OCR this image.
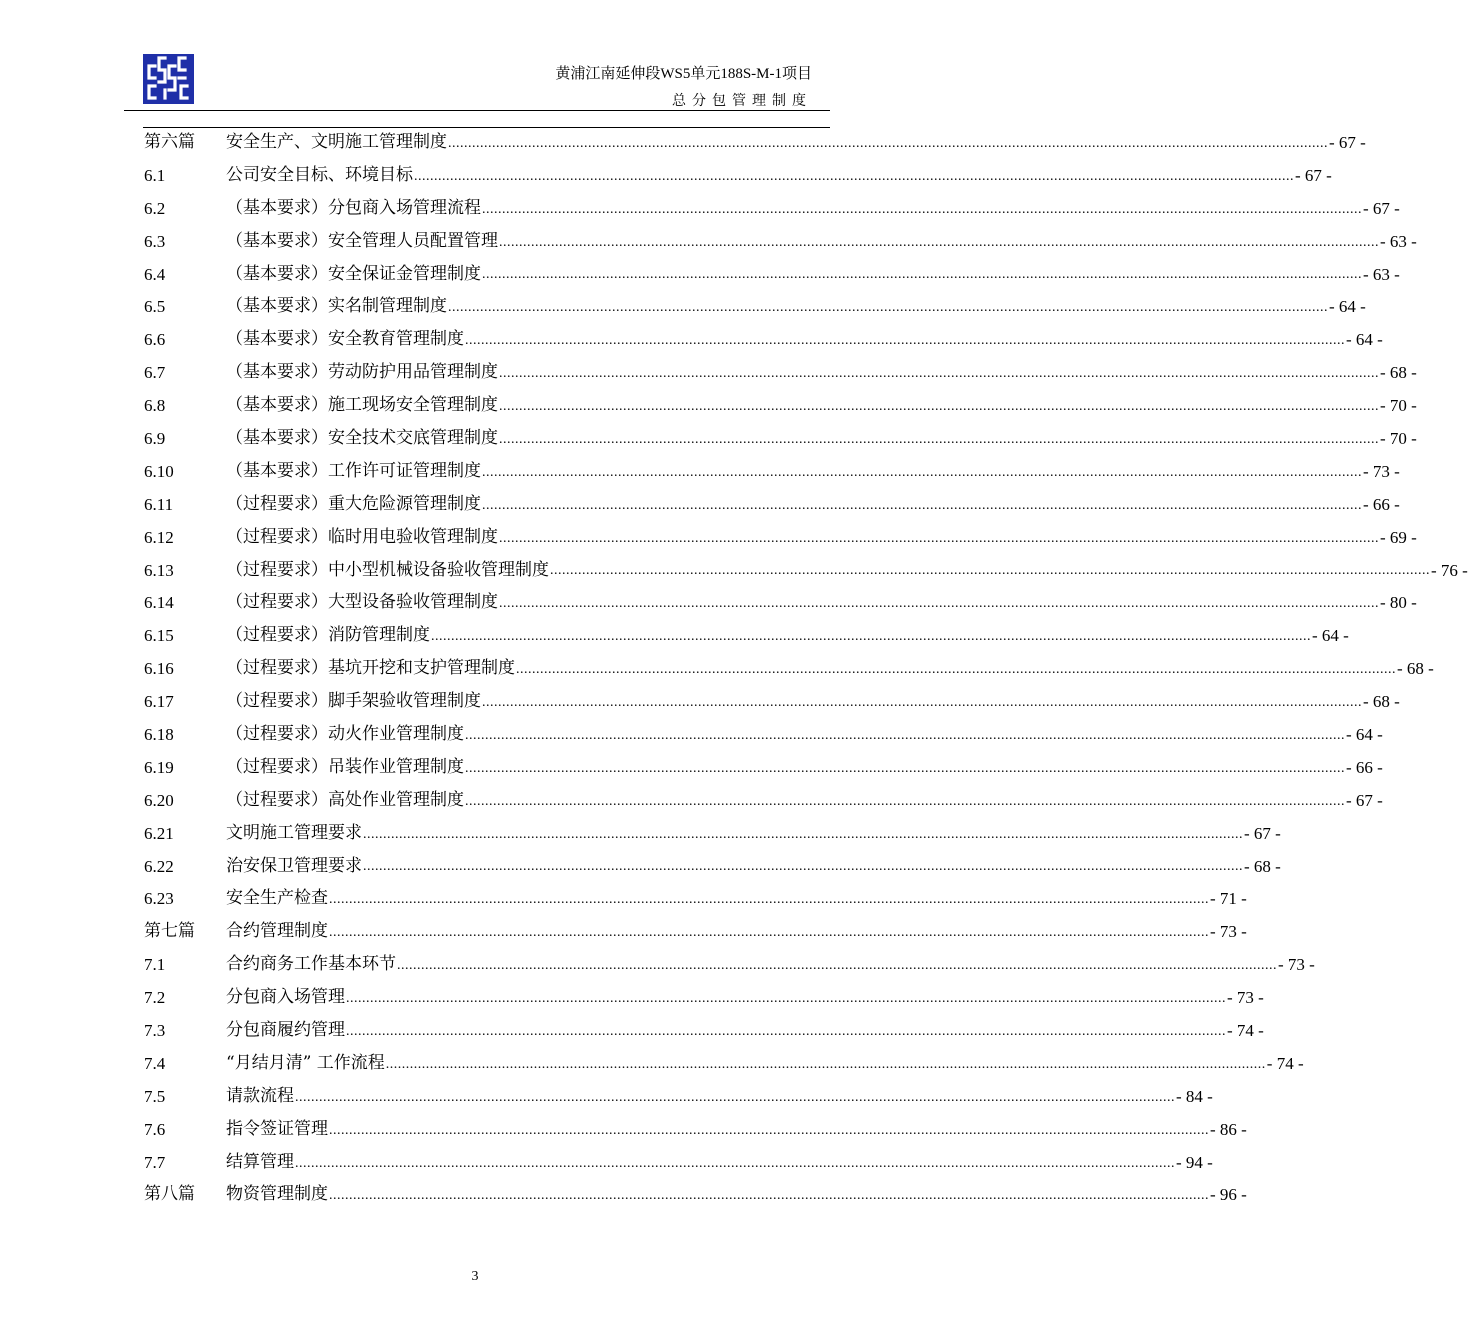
黄浦江南延伸段WS5单元188S-M-1项目
总分包管理制度
第六篇	安全生产、文明施工管理制度 ............................................................................................................................................................................................................................ - 67 -
6.1	公司安全目标、环境目标 ............................................................................................................................................................................................................................ - 67 -
6.2	（基本要求）分包商入场管理流程 ............................................................................................................................................................................................................................ - 67 -
6.3	（基本要求）安全管理人员配置管理 ............................................................................................................................................................................................................................ - 63 -
6.4	（基本要求）安全保证金管理制度 ............................................................................................................................................................................................................................ - 63 -
6.5	（基本要求）实名制管理制度 ............................................................................................................................................................................................................................ - 64 -
6.6	（基本要求）安全教育管理制度 ............................................................................................................................................................................................................................ - 64 -
6.7	（基本要求）劳动防护用品管理制度 ............................................................................................................................................................................................................................ - 68 -
6.8	（基本要求）施工现场安全管理制度 ............................................................................................................................................................................................................................ - 70 -
6.9	（基本要求）安全技术交底管理制度 ............................................................................................................................................................................................................................ - 70 -
6.10	（基本要求）工作许可证管理制度 ............................................................................................................................................................................................................................ - 73 -
6.11	（过程要求）重大危险源管理制度 ............................................................................................................................................................................................................................ - 66 -
6.12	（过程要求）临时用电验收管理制度 ............................................................................................................................................................................................................................ - 69 -
6.13	（过程要求）中小型机械设备验收管理制度 ............................................................................................................................................................................................................................ - 76 -
6.14	（过程要求）大型设备验收管理制度 ............................................................................................................................................................................................................................ - 80 -
6.15	（过程要求）消防管理制度 ............................................................................................................................................................................................................................ - 64 -
6.16	（过程要求）基坑开挖和支护管理制度 ............................................................................................................................................................................................................................ - 68 -
6.17	（过程要求）脚手架验收管理制度 ............................................................................................................................................................................................................................ - 68 -
6.18	（过程要求）动火作业管理制度 ............................................................................................................................................................................................................................ - 64 -
6.19	（过程要求）吊装作业管理制度 ............................................................................................................................................................................................................................ - 66 -
6.20	（过程要求）高处作业管理制度 ............................................................................................................................................................................................................................ - 67 -
6.21	文明施工管理要求 ............................................................................................................................................................................................................................ - 67 -
6.22	治安保卫管理要求 ............................................................................................................................................................................................................................ - 68 -
6.23	安全生产检查 ............................................................................................................................................................................................................................ - 71 -
第七篇	合约管理制度 ............................................................................................................................................................................................................................ - 73 -
7.1	合约商务工作基本环节 ............................................................................................................................................................................................................................ - 73 -
7.2	分包商入场管理 ............................................................................................................................................................................................................................ - 73 -
7.3	分包商履约管理 ............................................................................................................................................................................................................................ - 74 -
7.4	“月结月清” 工作流程 ............................................................................................................................................................................................................................ - 74 -
7.5	请款流程 ............................................................................................................................................................................................................................ - 84 -
7.6	指令签证管理 ............................................................................................................................................................................................................................ - 86 -
7.7	结算管理 ............................................................................................................................................................................................................................ - 94 -
第八篇	物资管理制度 ............................................................................................................................................................................................................................ - 96 -
3
